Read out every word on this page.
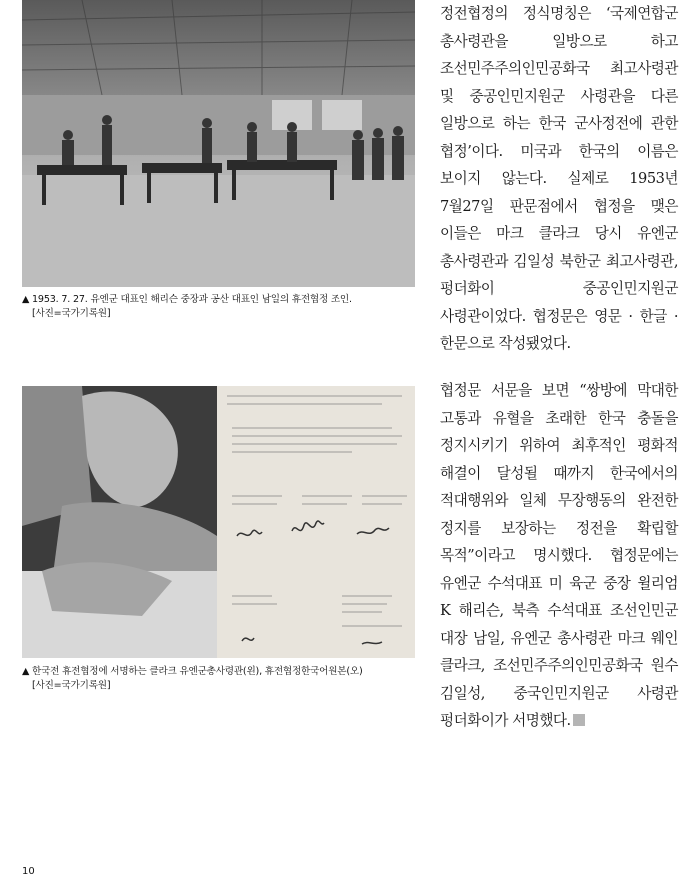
▲ 1953. 7. 27. 유엔군 대표인 해리슨 중장과 공산 대표인 남일의 휴전협정 조인.
[사진=국가기록원]
▲ 한국전 휴전협정에 서명하는 클라크 유엔군총사령관(왼), 휴전협정한국어원본(오)
[사진=국가기록원]
정전협정의 정식명칭은 ‘국제연합군 총사령관을 일방으로 하고 조선민주주의인민공화국 최고사령관 및 중공인민지원군 사령관을 다른 일방으로 하는 한국 군사정전에 관한 협정’이다. 미국과 한국의 이름은 보이지 않는다. 실제로 1953년 7월27일 판문점에서 협정을 맺은 이들은 마크 클라크 당시 유엔군 총사령관과 김일성 북한군 최고사령관, 펑더화이 중공인민지원군 사령관이었다. 협정문은 영문 · 한글 · 한문으로 작성됐었다.
협정문 서문을 보면 “쌍방에 막대한 고통과 유혈을 초래한 한국 충돌을 정지시키기 위하여 최후적인 평화적 해결이 달성될 때까지 한국에서의 적대행위와 일체 무장행동의 완전한 정지를 보장하는 정전을 확립할 목적”이라고 명시했다. 협정문에는 유엔군 수석대표 미 육군 중장 윌리엄 K 해리슨, 북측 수석대표 조선인민군 대장 남일, 유엔군 총사령관 마크 웨인 클라크, 조선민주주의인민공화국 원수 김일성, 중국인민지원군 사령관 펑더화이가 서명했다.
10
